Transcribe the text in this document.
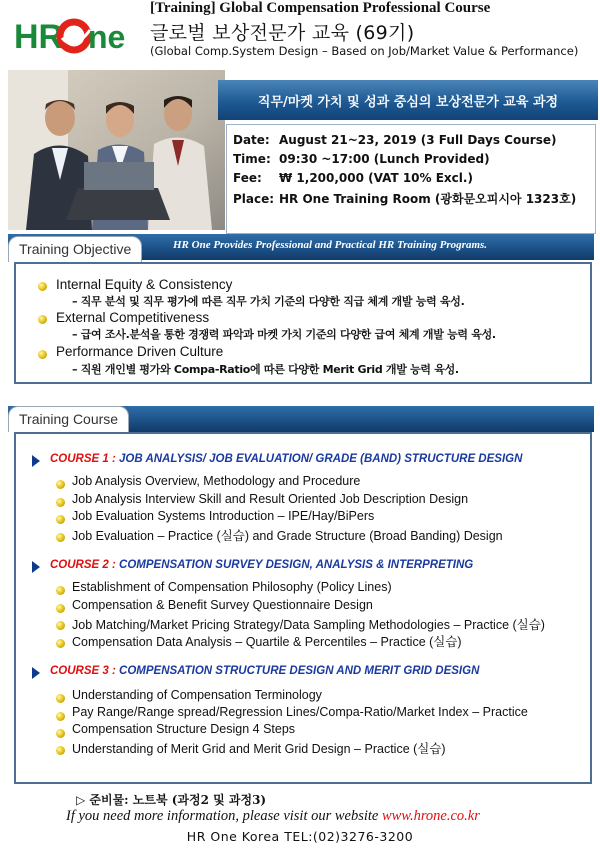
HR ne
[Training] Global Compensation Professional Course
글로벌 보상전문가 교육 (69기)
(Global Comp.System Design – Based on Job/Market Value & Performance)
직무/마켓 가치 및 성과 중심의 보상전문가 교육 과정
Date: August 21~23, 2019 (3 Full Days Course)
Time: 09:30 ~17:00 (Lunch Provided)
Fee: ₩ 1,200,000 (VAT 10% Excl.)
Place: HR One Training Room (광화문오피시아 1323호)
Training Objective	HR One Provides Professional and Practical HR Training Programs.
Internal Equity & Consistency
– 직무 분석 및 직무 평가에 따른 직무 가치 기준의 다양한 직급 체계 개발 능력 육성.
External Competitiveness
– 급여 조사.분석을 통한 경쟁력 파악과 마켓 가치 기준의 다양한 급여 체계 개발 능력 육성.
Performance Driven Culture
– 직원 개인별 평가와 Compa-Ratio에 따른 다양한 Merit Grid 개발 능력 육성.
Training Course
COURSE 1 : JOB ANALYSIS/ JOB EVALUATION/ GRADE (BAND) STRUCTURE DESIGN
Job Analysis Overview, Methodology and Procedure
Job Analysis Interview Skill and Result Oriented Job Description Design
Job Evaluation Systems Introduction – IPE/Hay/BiPers
Job Evaluation – Practice (실습) and Grade Structure (Broad Banding) Design
COURSE 2 : COMPENSATION SURVEY DESIGN, ANALYSIS & INTERPRETING
Establishment of Compensation Philosophy (Policy Lines)
Compensation & Benefit Survey Questionnaire Design
Job Matching/Market Pricing Strategy/Data Sampling Methodologies – Practice (실습)
Compensation Data Analysis – Quartile & Percentiles – Practice (실습)
COURSE 3 : COMPENSATION STRUCTURE DESIGN AND MERIT GRID DESIGN
Understanding of Compensation Terminology
Pay Range/Range spread/Regression Lines/Compa-Ratio/Market Index – Practice
Compensation Structure Design 4 Steps
Understanding of Merit Grid and Merit Grid Design – Practice (실습)
▷ 준비물: 노트북 (과정2 및 과정3)
If you need more information, please visit our website www.hrone.co.kr
HR One Korea TEL:(02)3276-3200
